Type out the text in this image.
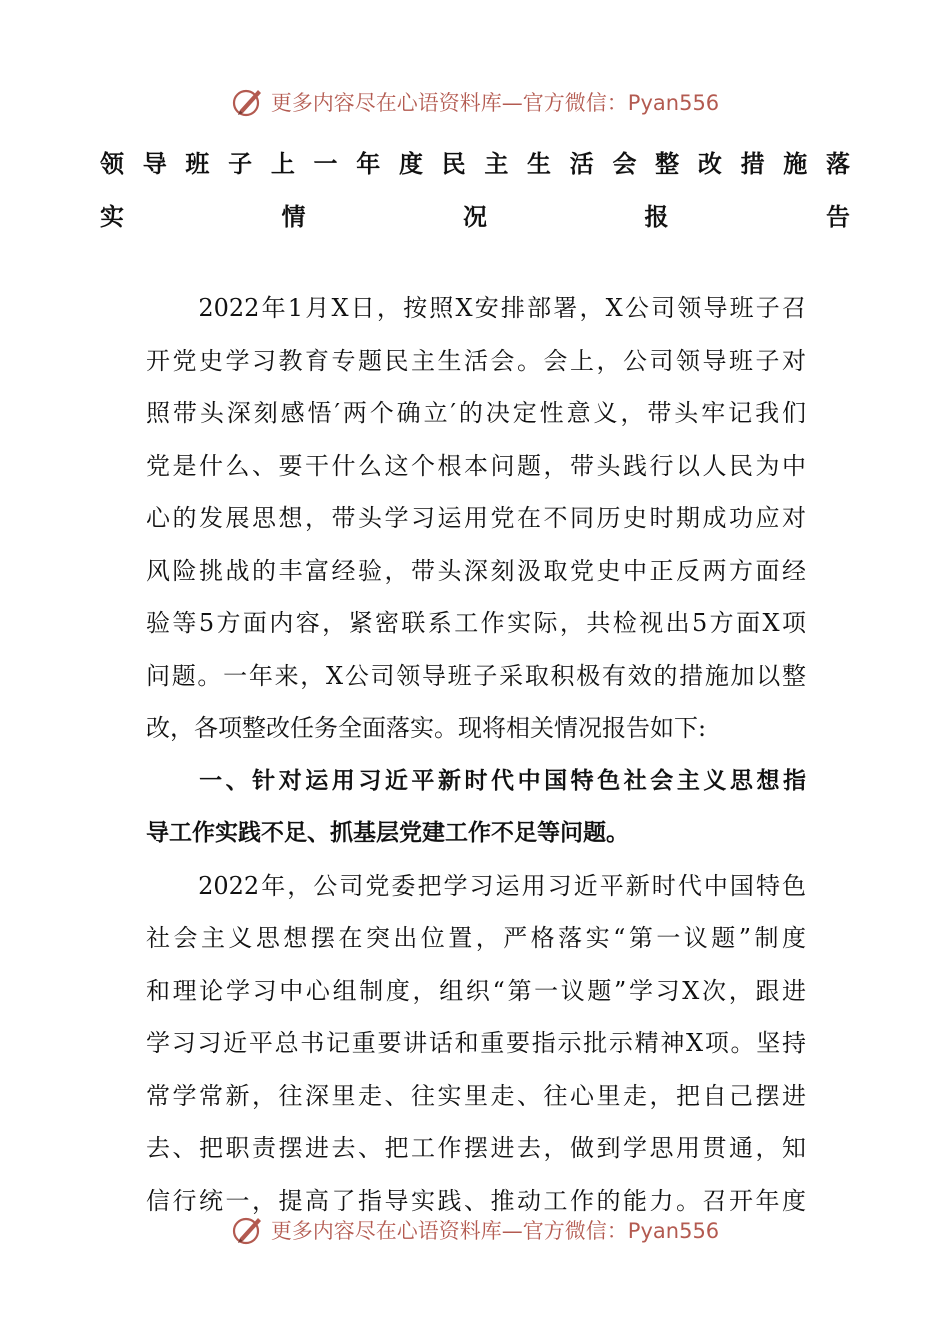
更多内容尽在心语资料库—官方微信：Pyan556
领导班子上一年度民主生活会整改措施落
实情况报告
　　2022年1月X日，按照X安排部署，X公司领导班子召
开党史学习教育专题民主生活会。会上，公司领导班子对
照带头深刻感悟′两个确立′的决定性意义，带头牢记我们
党是什么、要干什么这个根本问题，带头践行以人民为中
心的发展思想，带头学习运用党在不同历史时期成功应对
风险挑战的丰富经验，带头深刻汲取党史中正反两方面经
验等5方面内容，紧密联系工作实际，共检视出5方面X项
问题。一年来，X公司领导班子采取积极有效的措施加以整
改，各项整改任务全面落实。现将相关情况报告如下:
　　一、针对运用习近平新时代中国特色社会主义思想指
导工作实践不足、抓基层党建工作不足等问题。
　　2022年，公司党委把学习运用习近平新时代中国特色
社会主义思想摆在突出位置，严格落实“第一议题”制度
和理论学习中心组制度，组织“第一议题”学习X次，跟进
学习习近平总书记重要讲话和重要指示批示精神X项。坚持
常学常新，往深里走、往实里走、往心里走，把自己摆进
去、把职责摆进去、把工作摆进去，做到学思用贯通，知
信行统一，提高了指导实践、推动工作的能力。召开年度
更多内容尽在心语资料库—官方微信：Pyan556
